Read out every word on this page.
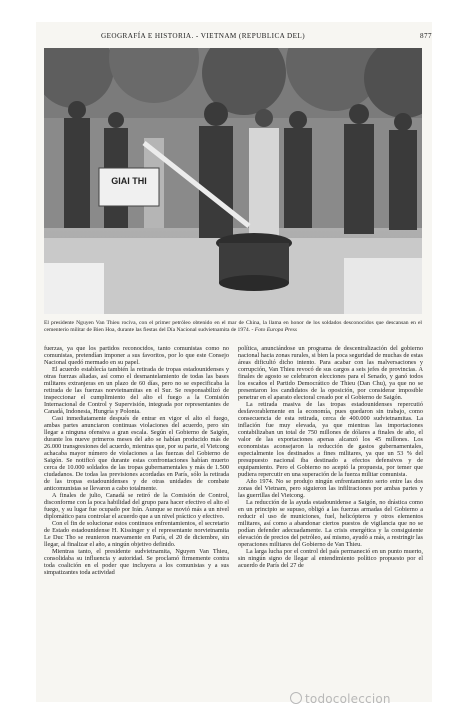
GEOGRAFÍA E HISTORIA. - VIETNAM (REPUBLICA DEL)	877
GIAI THI
El presidente Nguyen Van Thieu rocíva, con el primer petróleo obtenido en el mar de China, la llama en honor de los soldados desconocidos que descansan en el cementerio militar de Bien Hoa, durante las fiestas del Día Nacional sudvietnamita de 1974. - Foto Europa Press

fuerzas, ya que los partidos reconocidos, tanto comunistas como no comunistas, pretendían imponer a sus favoritos, por lo que este Consejo Nacional quedó mermado en su papel.

El acuerdo establecía también la retirada de tropas estadounidenses y otras fuerzas aliadas, así como el desmantelamiento de todas las bases militares extranjeras en un plazo de 60 días, pero no se especificaba la retirada de las fuerzas norvietnamitas en el Sur. Se responsabilizó de inspeccionar el cumplimiento del alto el fuego a la Comisión Internacional de Control y Supervisión, integrada por representantes de Canadá, Indonesia, Hungría y Polonia.

Casi inmediatamente después de entrar en vigor el alto el fuego, ambas partes anunciaron continuas violaciones del acuerdo, pero sin llegar a ninguna ofensiva a gran escala. Según el Gobierno de Saigón, durante los nueve primeros meses del año se habían producido más de 26.000 transgresiones del acuerdo, mientras que, por su parte, el Vietcong achacaba mayor número de violaciones a las fuerzas del Gobierno de Saigón. Se notificó que durante estas confrontaciones habían muerto cerca de 10.000 soldados de las tropas gubernamentales y más de 1.500 ciudadanos. De todas las previsiones acordadas en París, sólo la retirada de las tropas estadounidenses y de otras unidades de combate anticomunistas se llevaron a cabo totalmente.

A finales de julio, Canadá se retiró de la Comisión de Control, disconforme con la poca habilidad del grupo para hacer efectivo el alto el fuego, y su lugar fue ocupado por Irán. Aunque se movió más a un nivel diplomático para controlar el acuerdo que a un nivel práctico y efectivo.

Con el fin de solucionar estos continuos enfrentamientos, el secretario de Estado estadounidense H. Kissinger y el representante norvietnamita Le Duc Tho se reunieron nuevamente en París, el 20 de diciembre, sin llegar, al finalizar el año, a ningún objetivo definido.

Mientras tanto, el presidente sudvietnamita, Nguyen Van Thieu, consolidaba su influencia y autoridad. Se proclamó firmemente contra toda coalición en el poder que incluyera a los comunistas y a sus simpatizantes toda actividad

política, anunciándose un programa de descentralización del gobierno nacional hacia zonas rurales, si bien la poca seguridad de muchas de estas áreas dificultó dicho intento. Para acabar con las malversaciones y corrupción, Van Thieu revocó de sus cargos a seis jefes de provincias. A finales de agosto se celebraron elecciones para el Senado, y ganó todos los escaños el Partido Democrático de Thieu (Dan Chu), ya que no se presentaron los candidatos de la oposición, por considerar imposible penetrar en el aparato electoral creado por el Gobierno de Saigón.

La retirada masiva de las tropas estadounidenses repercutió desfavorablemente en la economía, pues quedaron sin trabajo, como consecuencia de esta retirada, cerca de 400.000 sudvietnamitas. La inflación fue muy elevada, ya que mientras las importaciones contabilizaban un total de 750 millones de dólares a finales de año, el valor de las exportaciones apenas alcanzó los 45 millones. Los economistas aconsejaron la reducción de gastos gubernamentales, especialmente los destinados a fines militares, ya que un 53 % del presupuesto nacional iba destinado a efectos defensivos y de equipamiento. Pero el Gobierno no aceptó la propuesta, por temer que pudiera repercutir en una superación de la fuerza militar comunista.

Año 1974. No se produjo ningún enfrentamiento serio entre las dos zonas del Vietnam, pero siguieron las infiltraciones por ambas partes y las guerrillas del Vietcong.

La reducción de la ayuda estadounidense a Saigón, no drástica como en un principio se supuso, obligó a las fuerzas armadas del Gobierno a reducir el uso de municiones, fuel, helicópteros y otros elementos militares, así como a abandonar ciertos puestos de vigilancia que no se podían defender adecuadamente. La crisis energética y la consiguiente elevación de precios del petróleo, así mismo, ayudó a más, a restringir las operaciones militares del Gobierno de Van Thieu.

La larga lucha por el control del país permaneció en un punto muerto, sin ningún signo de llegar al entendimiento político propuesto por el acuerdo de París del 27 de

todocoleccion
